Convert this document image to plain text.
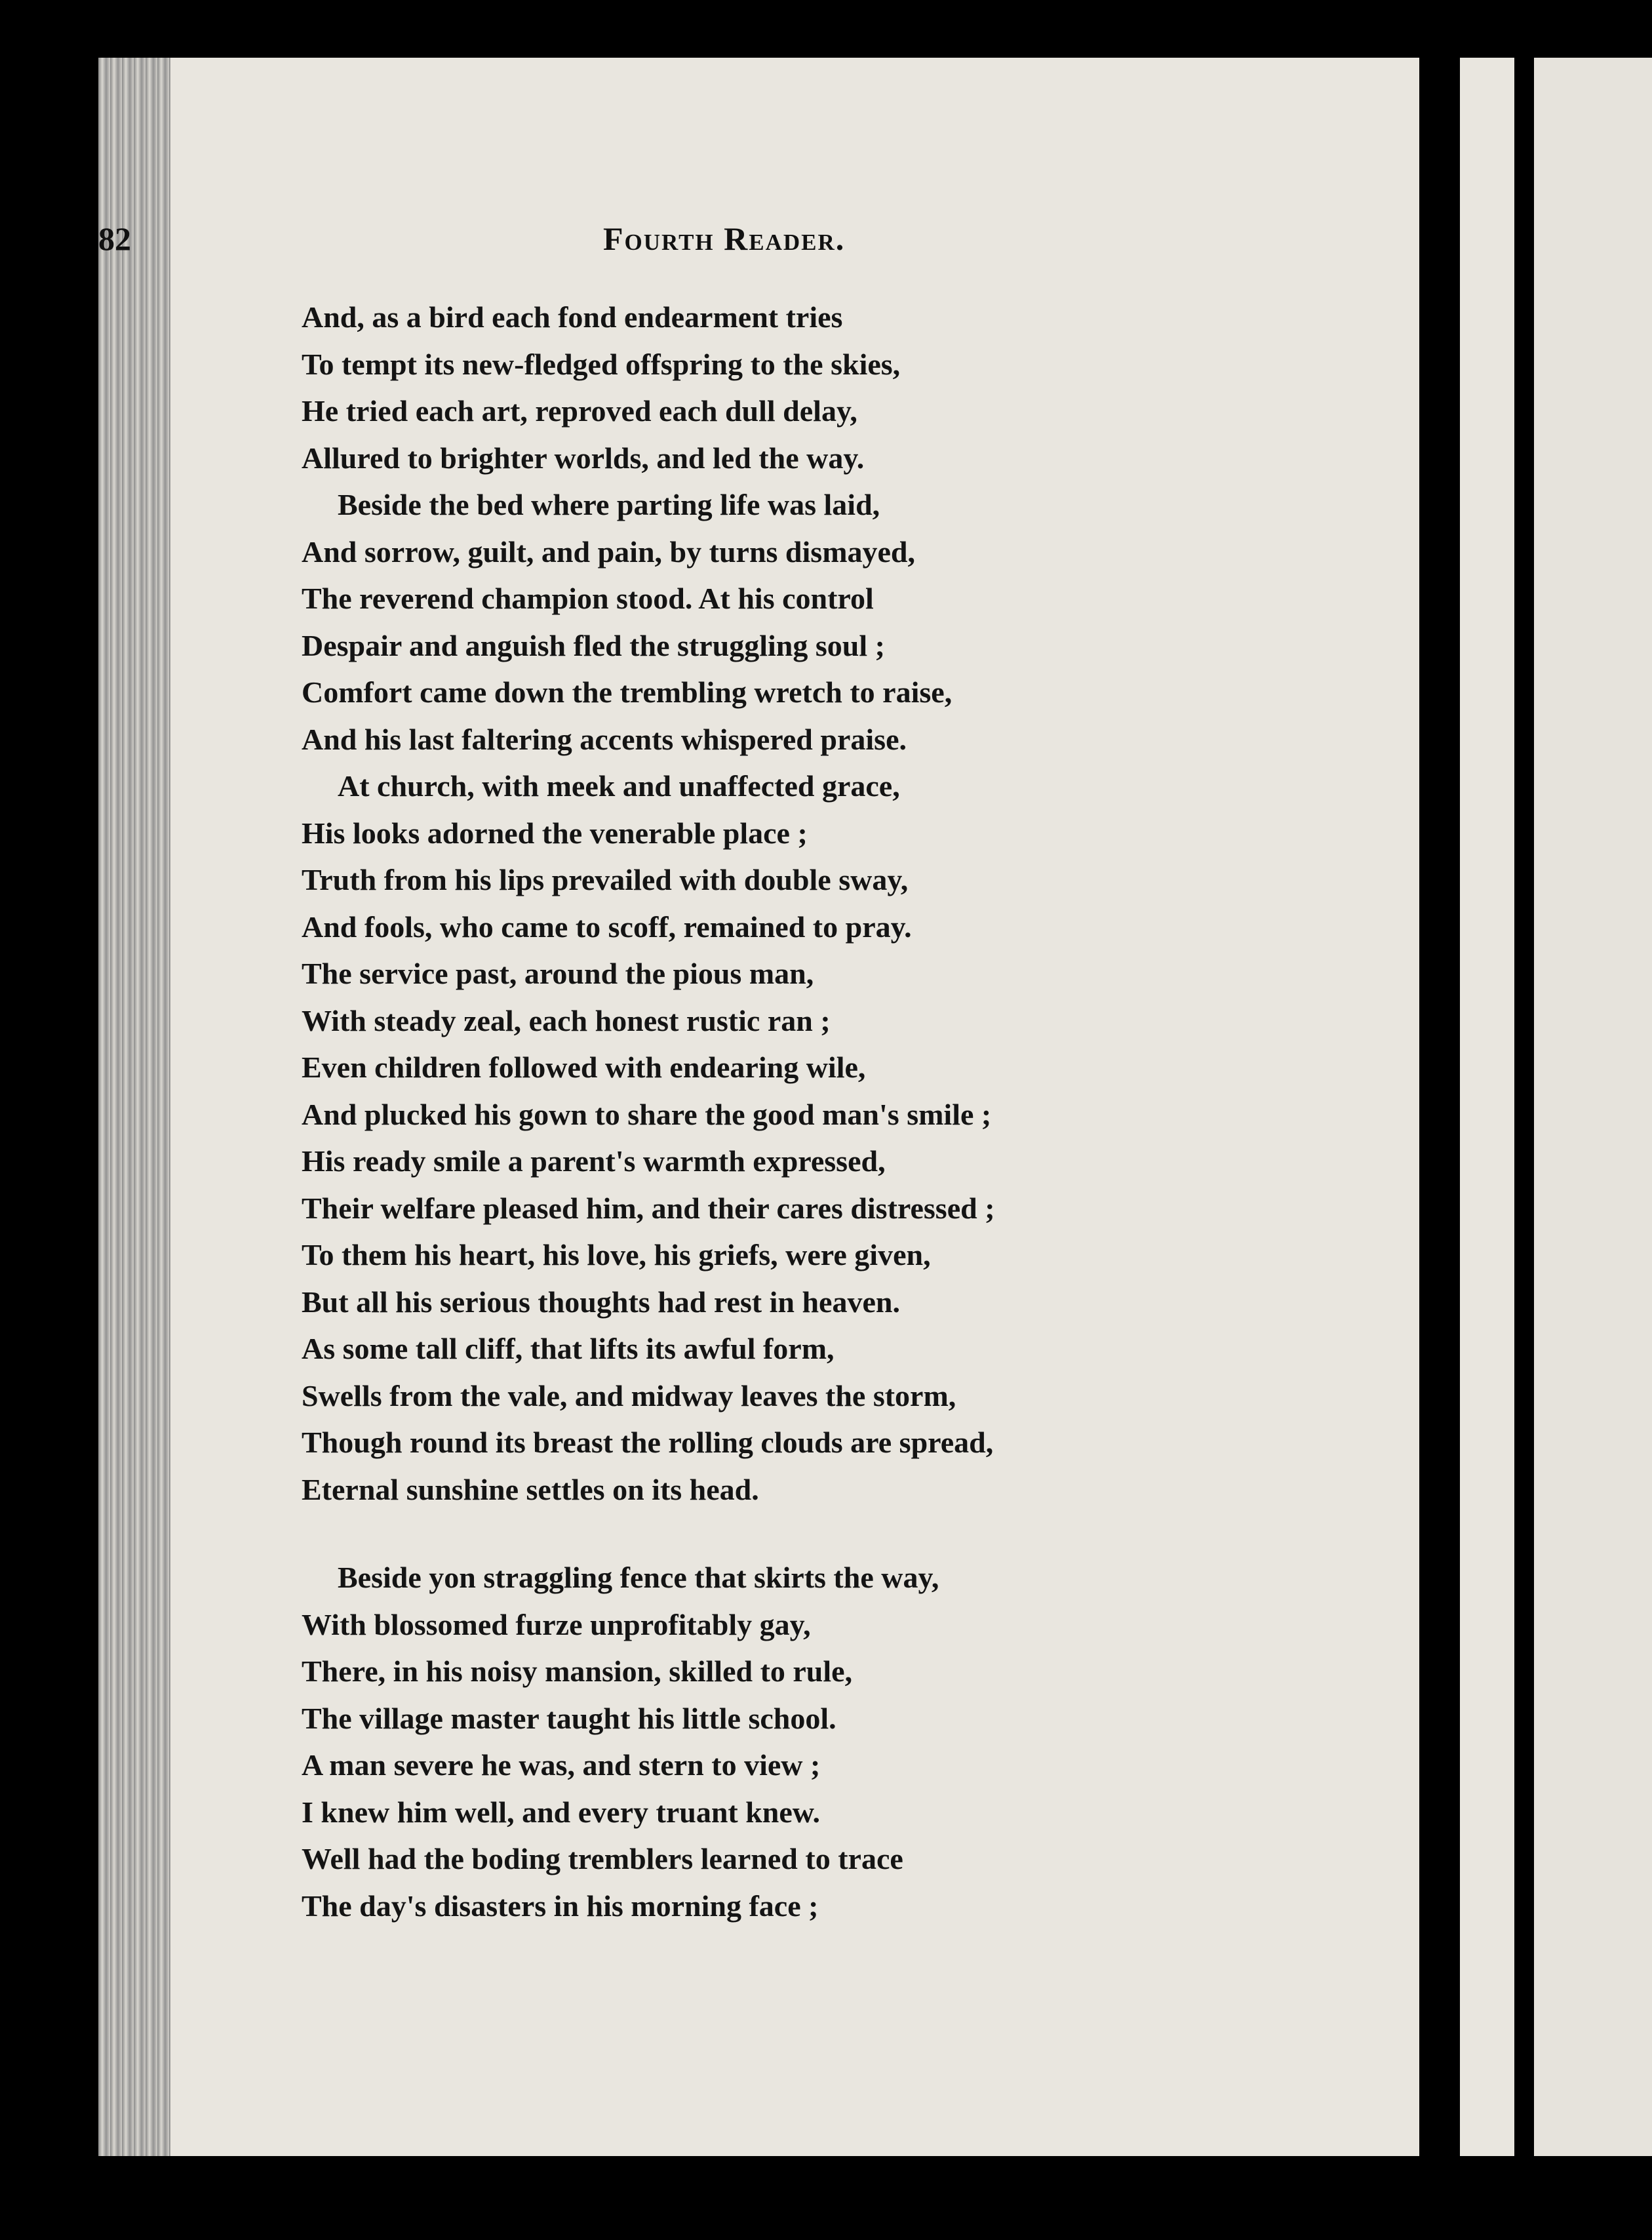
82	Fourth Reader.
And, as a bird each fond endearment tries
To tempt its new-fledged offspring to the skies,
He tried each art, reproved each dull delay,
Allured to brighter worlds, and led the way.
Beside the bed where parting life was laid,
And sorrow, guilt, and pain, by turns dismayed,
The reverend champion stood. At his control
Despair and anguish fled the struggling soul ;
Comfort came down the trembling wretch to raise,
And his last faltering accents whispered praise.
At church, with meek and unaffected grace,
His looks adorned the venerable place ;
Truth from his lips prevailed with double sway,
And fools, who came to scoff, remained to pray.
The service past, around the pious man,
With steady zeal, each honest rustic ran ;
Even children followed with endearing wile,
And plucked his gown to share the good man's smile ;
His ready smile a parent's warmth expressed,
Their welfare pleased him, and their cares distressed ;
To them his heart, his love, his griefs, were given,
But all his serious thoughts had rest in heaven.
As some tall cliff, that lifts its awful form,
Swells from the vale, and midway leaves the storm,
Though round its breast the rolling clouds are spread,
Eternal sunshine settles on its head.
Beside yon straggling fence that skirts the way,
With blossomed furze unprofitably gay,
There, in his noisy mansion, skilled to rule,
The village master taught his little school.
A man severe he was, and stern to view ;
I knew him well, and every truant knew.
Well had the boding tremblers learned to trace
The day's disasters in his morning face ;
